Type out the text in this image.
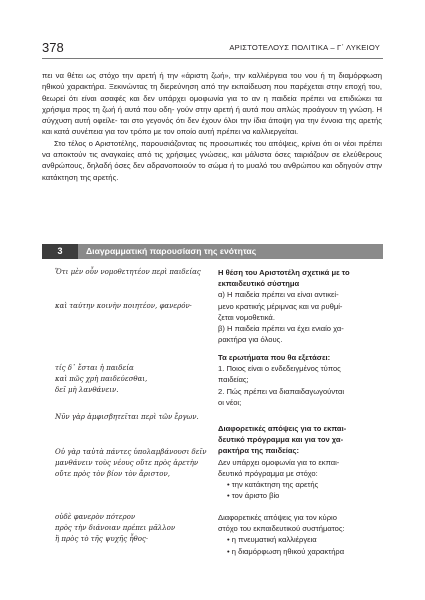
378	ΑΡΙΣΤΟΤΕΛΟΥΣ ΠΟΛΙΤΙΚΑ – Γ΄ ΛΥΚΕΙΟΥ

πει να θέτει ως στόχο την αρετή ή την «άριστη ζωή», την καλλιέργεια του νου ή τη διαμόρφωση ηθικού χαρακτήρα. Ξεκινώντας τη διερεύνηση από την εκπαίδευση που παρέχεται στην εποχή του, θεωρεί ότι είναι ασαφές και δεν υπάρχει ομοφωνία για το αν η παιδεία πρέπει να επιδιώκει τα χρήσιμα προς τη ζωή ή αυτά που οδη- γούν στην αρετή ή αυτά που απλώς προάγουν τη γνώση. Η σύγχυση αυτή οφείλε- ται στο γεγονός ότι δεν έχουν όλοι την ίδια άποψη για την έννοια της αρετής και κατά συνέπεια για τον τρόπο με τον οποίο αυτή πρέπει να καλλιεργείται.

Στο τέλος ο Αριστοτέλης, παρουσιάζοντας τις προσωπικές του απόψεις, κρίνει ότι οι νέοι πρέπει να αποκτούν τις αναγκαίες από τις χρήσιμες γνώσεις, και μάλιστα όσες ταιριάζουν σε ελεύθερους ανθρώπους, δηλαδή όσες δεν αδρανοποιούν το σώμα ή το μυαλό του ανθρώπου και οδηγούν στην κατάκτηση της αρετής.

3	Διαγραμματική παρουσίαση της ενότητας
Ὅτι μὲν οὖν νομοθετητέον περὶ παιδείας
καὶ ταύτην κοινὴν ποιητέον, φανερόν·
τίς δ᾽ ἔσται ἡ παιδεία
καὶ πῶς χρὴ παιδεύεσθαι,
δεῖ μὴ λανθάνειν.
Νῦν γὰρ ἀμφισβητεῖται περὶ τῶν ἔργων.
Οὐ γὰρ ταὐτὰ πάντες ὑπολαμβάνουσι δεῖν
μανθάνειν τοὺς νέους οὔτε πρὸς ἀρετὴν
οὔτε πρὸς τὸν βίον τὸν ἄριστον,
οὐδὲ φανερὸν πότερον
πρὸς τὴν διάνοιαν πρέπει μᾶλλον
ἢ πρὸς τὸ τῆς ψυχῆς ἦθος·
Η θέση του Αριστοτέλη σχετικά με το
εκπαιδευτικό σύστημα
α) Η παιδεία πρέπει να είναι αντικεί-
μενο κρατικής μέριμνας και να ρυθμί-
ζεται νομοθετικά.
β) Η παιδεία πρέπει να έχει ενιαίο χα-
ρακτήρα για όλους.
Τα ερωτήματα που θα εξετάσει:
1. Ποιος είναι ο ενδεδειγμένος τύπος
παιδείας;
2. Πώς πρέπει να διαπαιδαγωγούνται
οι νέοι;
Διαφορετικές απόψεις για το εκπαι-
δευτικό πρόγραμμα και για τον χα-
ρακτήρα της παιδείας:
Δεν υπάρχει ομοφωνία για το εκπαι-
δευτικό πρόγραμμα με στόχο:
• την κατάκτηση της αρετής
• τον άριστο βίο
Διαφορετικές απόψεις για τον κύριο
στόχο του εκπαιδευτικού συστήματος:
• η πνευματική καλλιέργεια
• η διαμόρφωση ηθικού χαρακτήρα
